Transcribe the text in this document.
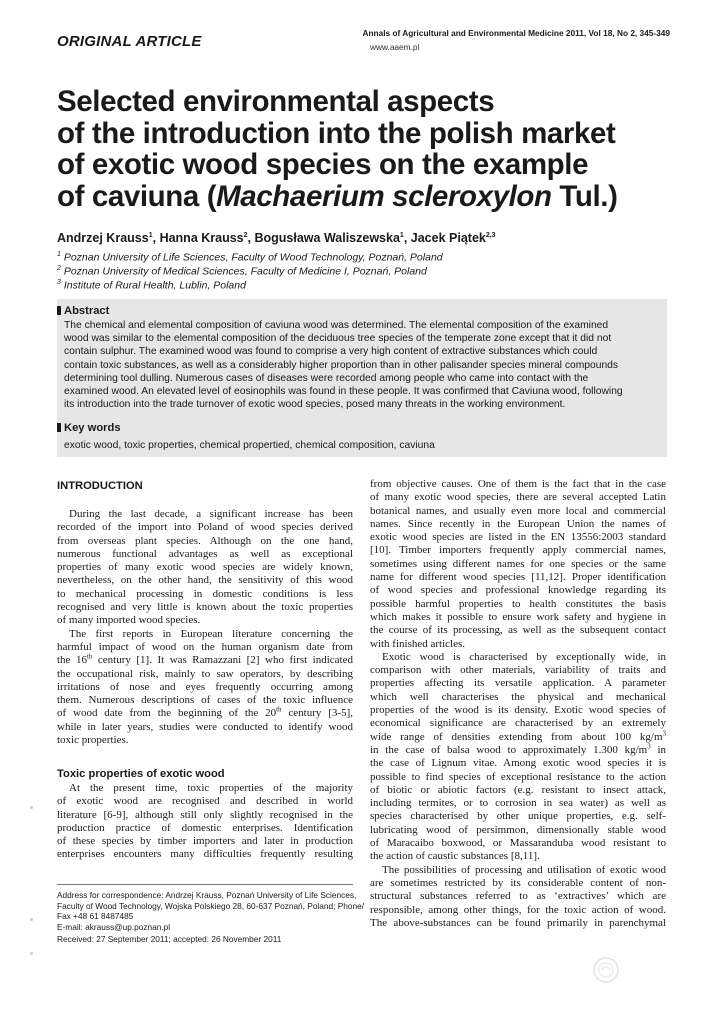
ORIGINAL ARTICLE	Annals of Agricultural and Environmental Medicine 2011, Vol 18, No 2, 345-349
www.aaem.pl
Selected environmental aspects
of the introduction into the polish market
of exotic wood species on the example
of caviuna (Machaerium scleroxylon Tul.)
Andrzej Krauss$^1$, Hanna Krauss$^2$, Bogusława Waliszewska$^1$, Jacek Piątek$^{2,3}$
$^1$ Poznan University of Life Sciences, Faculty of Wood Technology, Poznań, Poland
$^2$ Poznan University of Medical Sciences, Faculty of Medicine I, Poznań, Poland
$^3$ Institute of Rural Health, Lublin, Poland
Abstract

The chemical and elemental composition of caviuna wood was determined. The elemental composition of the examined
wood was similar to the elemental composition of the deciduous tree species of the temperate zone except that it did not
contain sulphur. The examined wood was found to comprise a very high content of extractive substances which could
contain toxic substances, as well as a considerably higher proportion than in other palisander species mineral compounds
determining tool dulling. Numerous cases of diseases were recorded among people who came into contact with the
examined wood. An elevated level of eosinophils was found in these people. It was confirmed that Caviuna wood, following
its introduction into the trade turnover of exotic wood species, posed many threats in the working environment.

Key words
exotic wood, toxic properties, chemical propertied, chemical composition, caviuna
INTRODUCTION
During the last decade, a significant increase has been
recorded of the import into Poland of wood species derived
from overseas plant species. Although on the one hand,
numerous functional advantages as well as exceptional
properties of many exotic wood species are widely known,
nevertheless, on the other hand, the sensitivity of this wood
to mechanical processing in domestic conditions is less
recognised and very little is known about the toxic properties
of many imported wood species.
The first reports in European literature concerning the
harmful impact of wood on the human organism date from
the 16th century [1]. It was Ramazzani [2] who first indicated
the occupational risk, mainly to saw operators, by describing
irritations of nose and eyes frequently occurring among
them. Numerous descriptions of cases of the toxic influence
of wood date from the beginning of the 20th century [3-5],
while in later years, studies were conducted to identify wood
toxic properties.
Toxic properties of exotic wood
At the present time, toxic properties of the majority
of exotic wood are recognised and described in world
literature [6-9], although still only slightly recognised in the
production practice of domestic enterprises. Identification
of these species by timber importers and later in production
enterprises encounters many difficulties frequently resulting
Address for correspondence: Andrzej Krauss, Poznań University of Life Sciences,
Faculty of Wood Technology, Wojska Polskiego 28, 60-637 Poznań, Poland; Phone/
Fax +48 61 8487485
E-mail: akrauss@up.poznan.pl
Received: 27 September 2011; accepted: 26 November 2011
from objective causes. One of them is the fact that in the case
of many exotic wood species, there are several accepted Latin
botanical names, and usually even more local and commercial
names. Since recently in the European Union the names of
exotic wood species are listed in the EN 13556:2003 standard
[10]. Timber importers frequently apply commercial names,
sometimes using different names for one species or the same
name for different wood species [11,12]. Proper identification
of wood species and professional knowledge regarding its
possible harmful properties to health constitutes the basis
which makes it possible to ensure work safety and hygiene in
the course of its processing, as well as the subsequent contact
with finished articles.
Exotic wood is characterised by exceptionally wide, in
comparison with other materials, variability of traits and
properties affecting its versatile application. A parameter
which well characterises the physical and mechanical
properties of the wood is its density. Exotic wood species of
economical significance are characterised by an extremely
wide range of densities extending from about 100 $kg/m^3$
in the case of balsa wood to approximately 1.300 $kg/m^3$ in
the case of Lignum vitae. Among exotic wood species it is
possible to find species of exceptional resistance to the action
of biotic or abiotic factors (e.g. resistant to insect attack,
including termites, or to corrosion in sea water) as well as
species characterised by other unique properties, e.g. self-
lubricating wood of persimmon, dimensionally stable wood
of Maracaibo boxwood, or Massaranduba wood resistant to
the action of caustic substances [8,11].
The possibilities of processing and utilisation of exotic wood
are sometimes restricted by its considerable content of non-
structural substances referred to as ‘extractives’ which are
responsible, among other things, for the toxic action of wood.
The above-substances can be found primarily in parenchymal
